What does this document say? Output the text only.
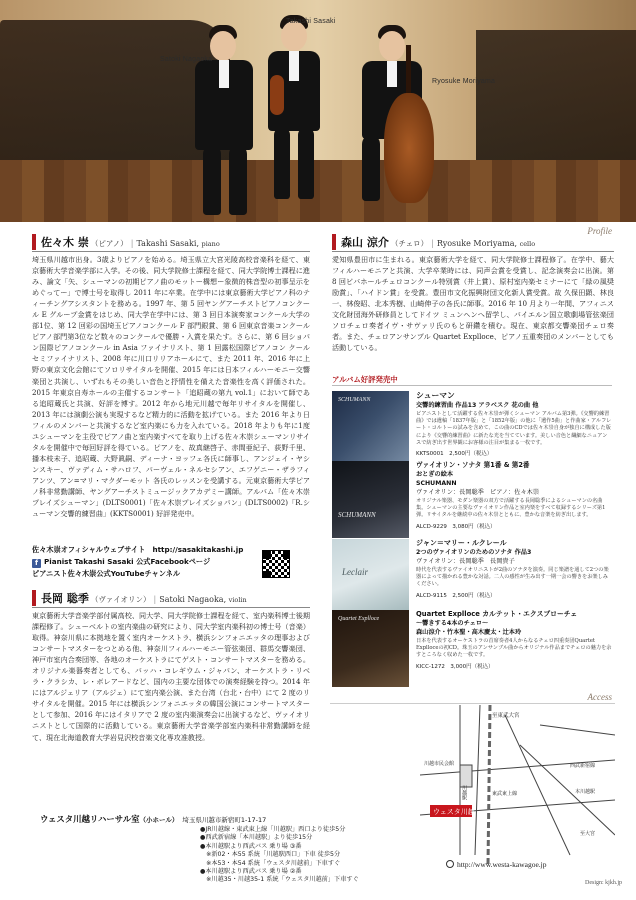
Takashi Sasaki
Satoki Nagaoka
Ryosuke Moriyama
Profile
佐々木 崇 （ピアノ） | Takashi Sasaki, piano
埼玉県川越市出身。3歳よりピアノを始める。埼玉県立大宮光陵高校音楽科を経て、東京藝術大学音楽学部に入学。その後、同大学院修士課程を経て、同大学院博士課程に進み、論文「矢、シューマンの初期ピアノ曲のモットー構想ー象徴的株音型の初事呈示をめぐってー」で博士号を取得し 2011 年に卒業。在学中には東京藝術大学ピアノ科のティーチングアシスタントを務める。1997 年、第 5 回ヤングアーチストピアノコンクール E グループ金賞をはじめ、同大学在学中には、第 3 回日本演奏家コンクール大学の部1位、第 12 回彩の国埼玉ピアノコンクール F 部門銀賞、第 6 回東京音楽コンクールピアノ部門第3位など数々のコンクールで優勝・入賞を果たす。さらに、第 6 回ショパン国際ピアノコンクール in Asia ファイナリスト、第 1 回露松国際ピアノコン クールセミファイナリスト、2008 年に川口リリアホールにて、また 2011 年、2016 年に上野の東京文化会館にてソロリサイタルを開催、2015 年には日本フィルハーモニー交響楽団と共演し、いずれもその美しい音色と抒情性を備えた音楽性を高く評価された。2015 年東京自寿ホールの主催するコンサート「追昭蔵の第九 vol.1」において師である追昭蔵氏と共演、好評を博す。2012 年から地元川越で毎年リサイタルを開催し、2013 年には演劇公演も実現するなど精力的に活動を拡げている。また 2016 年より日フィルのメンバーと共演するなど室内楽にも力を入れている。2018 年よりも年に1度ユシューマンを主役でピアノ曲と室内楽すべてを取り上げる佐々木崇シューマンリサイタルを開催中で毎回好評を得ている。ピアノを、故真継啓子、赤間亜紀子、荻野千里、播本枝未子、追昭蔵、大野眞嗣、ディーナ・ヨッフェ各氏に師事し、アンジェイ・ヤシンスキー、ヴァディム・サハロフ、パーヴェル・ネルセシアン、エフゲニー・ザラフィアンツ、アン=マリ・マクダーモット 各氏のレッスンを受講する。元東京藝術大学ピアノ科非常勤講師、ヤングアーチストミュージックアカデミー講師。アルバム「佐々木崇プレイズシューマン」(DLTS0001)「佐々木崇プレイズショパン」(DLTS0002)「R.シューマン交響的練習曲」(KKTS0001) 好評発売中。
佐々木崇オフィシャルウェブサイト　 http://sasakitakashi.jp
f Pianist Takashi Sasaki 公式Facebookページ
ピアニスト佐々木崇公式YouTubeチャンネル
長岡 聡季 （ヴァイオリン） | Satoki Nagaoka, violin
東京藝術大学音楽学部付属高校、同大学、同大学院修士課程を経て、室内楽科博士後期課程修了。シューベルトの室内楽曲の研究により、同大学室内楽科初の博士号（音楽）取得。神奈川県に本拠地を置く室内オーケストラ、横浜シンフォニエッタの理事およびコンサートマスターをつとめる他、神奈川フィルハーモニー管弦楽団、群馬交響楽団、神戸市室内合奏団等、各地のオーケストラにてゲスト・コンサートマスターを務める。オリジナル楽器奏者としても、バッハ・コレギウム・ジャパン、オーケストラ・リベラ・クラシカ、レ・ボレアードなど、国内の主要な団体での演奏経験を持つ。2014 年にはアルジェリア（アルジェ）にて室内楽公演、また台湾（台北・台中）にて 2 度のリサイタルを開催。2015 年には横浜シンフォニエッタの韓国公演にコンサートマスターとして参加、2016 年にはイタリアで 2 度の室内楽演奏会に出演するなど、ヴァイオリニストとして国際的に活動している。東京藝術大学音楽学部室内楽科非常勤講師を経て、現在北海道教育大学岩見沢校音楽文化専攻准教授。
森山 涼介 （チェロ） | Ryosuke Moriyama, cello
愛知県豊田市に生まれる。東京藝術大学を経て、同大学院修士課程修了。在学中、藝大フィルハーモニアと共演、大学卒業時には、同声会賞を受賞し、記念演奏会に出演。第 8 回ビバホールチェロコンクール特別賞（井上賞）、原村室内楽セミナーにて「緑の風奨励賞」、「ハイドン賞」を受賞。豊田市文化振興財団文化新人賞受賞。故 久保田顕、林良一、林俊昭、北本秀樹、山崎伸子の各氏に師事。2016 年 10 月より一年間、アフィニス文化財団海外研修員としてドイツ ミュンヘンへ留学し、バイエルン国立歌劇場管弦楽団ソロチェロ奏者イヴ・サヴァリ氏のもと研鑽を積む。現在、東京都交響楽団チェロ奏者。また、チェロアンサンブル Quartet Explloce、ピアノ五重奏団のメンバーとしても活動している。
アルバム好評発売中
SCHUMANN	シューマン
交響的練習曲 作品13 アラベスク 花の曲 他
ピアニストとして活躍する佐々木崇が弾くシューマン アルバム第3弾。《交響的練習曲》では遺稿「1837年版」と「1852年版」の他に「遺作5曲」と作曲家・アルフレート・コルトーの試みを含めて、この曲のCDでは佐々木崇自身が独自に構成した版により《交響的練習曲》に新たな光を当てています。美しい音色と繊細なニュアンスで紡ぎ出す世界観にお客様の注目が集まる一枚です。
KKTS0001　2,500円（税込）
SCHUMANN
ヴァイオリン・ソナタ 第1番 & 第2番
おとぎの絵本
SCHUMANN
ヴァイオリン：長岡聡季　ピアノ：佐々木崇
オリジナル楽器、モダン楽器の双方で活躍する長岡聡季によるシューマンの名曲集。シューマンの主要なヴァイオリン作品と室内楽をすべて収録するシリーズ第1弾。リサイタルを継続中の佐々木崇とともに、豊かな音楽を紡ぎ出します。
ALCD-9229　3,080円（税込）
Leclair
ジャン＝マリー・ルクレール
2つのヴァイオリンのためのソナタ 作品3
ヴァイオリン：長岡聡季　長岡貴子
時代を代表するヴァイオリニストが2曲のソナタを演奏。同じ楽譜を通して2つの楽器によって描かれる豊かな対話。二人の感性が生み出す一期一会の響きをお楽しみください。
ALCD-9115　2,500円（税込）
Quartet Explloce
Quartet Explloce カルテット・エクスプローチェ
〜響きする4本のチェロ〜
森山涼介・竹本聖・高木慶太・辻本玲
日本を代表するオーケストラの首席奏者4人からなるチェロ四重奏団Quartet Explloceの初CD。珠玉のアンサンブル曲からオリジナル作品までチェロの魅力を余すところなく収めた一枚です。
KICC-1272　3,000円（税込）
Access
ウェスタ川越リハーサル室（小ホール） 埼玉県川越市新宿町1-17-17
●JR川越線・東武東上線「川越駅」西口より徒歩5分
●西武新宿線「本川越駅」より徒歩15分
●本川越駅より西武バス 乗り場 ③番
　※新02・本55 系統「川越駅西口」下車 徒歩5分
　※本53・本54 系統「ウェスタ川越前」下車すぐ
●本川越駅より西武バス 乗り場 ②番
　※川越35・川越35-1 系統「ウェスタ川越前」下車すぐ
ウェスタ川越
川越駅
至東武大宮
川越市民会館	西武新宿線
本川越駅
東武東上線
至大宮
http://www.westa-kawagoe.jp
Design: kjkh.jp
